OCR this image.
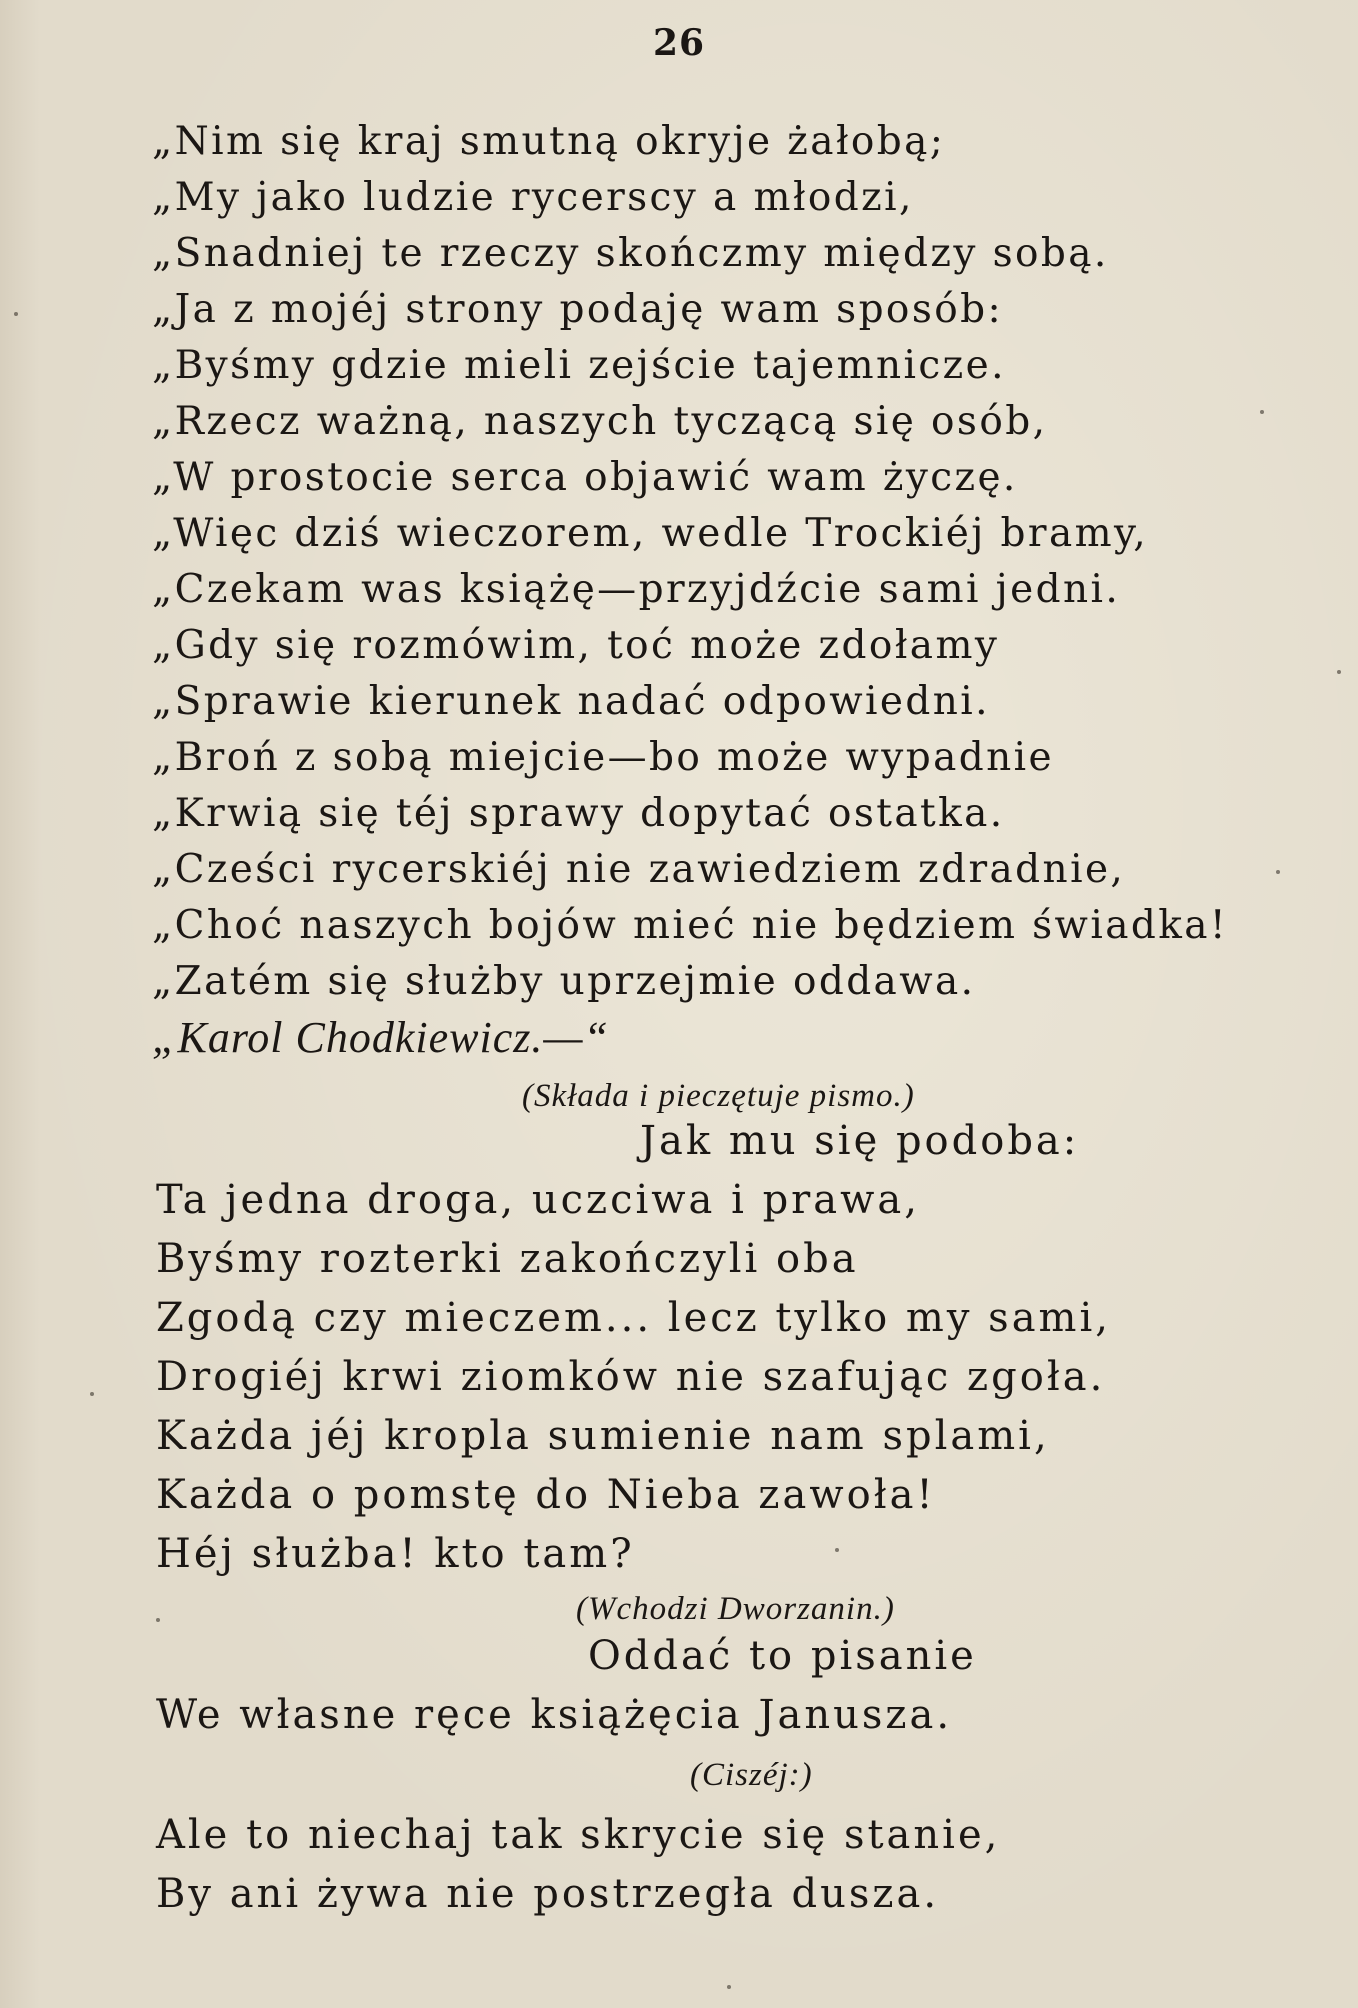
26
„Nim się kraj smutną okryje żałobą;
„My jako ludzie rycerscy a młodzi,
„Snadniej te rzeczy skończmy między sobą.
„Ja z mojéj strony podaję wam sposób:
„Byśmy gdzie mieli zejście tajemnicze.
„Rzecz ważną, naszych tyczącą się osób,
„W prostocie serca objawić wam życzę.
„Więc dziś wieczorem, wedle Trockiéj bramy,
„Czekam was książę—przyjdźcie sami jedni.
„Gdy się rozmówim, toć może zdołamy
„Sprawie kierunek nadać odpowiedni.
„Broń z sobą miejcie—bo może wypadnie
„Krwią się téj sprawy dopytać ostatka.
„Cześci rycerskiéj nie zawiedziem zdradnie,
„Choć naszych bojów mieć nie będziem świadka!
„Zatém się służby uprzejmie oddawa.
„Karol Chodkiewicz.—“
(Składa i pieczętuje pismo.)
Jak mu się podoba:
Ta jedna droga, uczciwa i prawa,
Byśmy rozterki zakończyli oba
Zgodą czy mieczem... lecz tylko my sami,
Drogiéj krwi ziomków nie szafując zgoła.
Każda jéj kropla sumienie nam splami,
Każda o pomstę do Nieba zawoła!
Héj służba! kto tam?
(Wchodzi Dworzanin.)
Oddać to pisanie
We własne ręce książęcia Janusza.
(Ciszéj:)
Ale to niechaj tak skrycie się stanie,
By ani żywa nie postrzegła dusza.
